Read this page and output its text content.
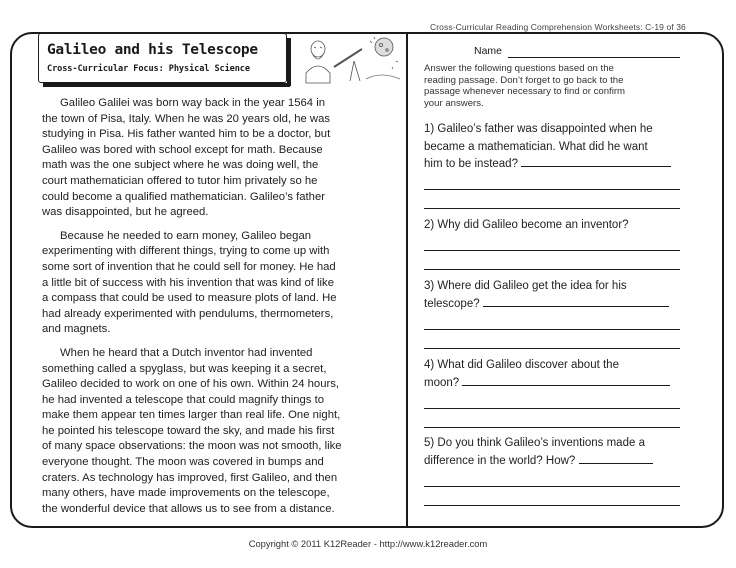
Cross-Curricular Reading Comprehension Worksheets: C-19 of 36
Galileo and his Telescope
Cross-Curricular Focus: Physical Science

Galileo Galilei was born way back in the year 1564 in
the town of Pisa, Italy. When he was 20 years old, he was
studying in Pisa. His father wanted him to be a doctor, but
Galileo was bored with school except for math. Because
math was the one subject where he was doing well, the
court mathematician offered to tutor him privately so he
could become a qualified mathematician. Galileo’s father
was disappointed, but he agreed.

Because he needed to earn money, Galileo began
experimenting with different things, trying to come up with
some sort of invention that he could sell for money. He had
a little bit of success with his invention that was kind of like
a compass that could be used to measure plots of land. He
had already experimented with pendulums, thermometers,
and magnets.

When he heard that a Dutch inventor had invented
something called a spyglass, but was keeping it a secret,
Galileo decided to work on one of his own. Within 24 hours,
he had invented a telescope that could magnify things to
make them appear ten times larger than real life. One night,
he pointed his telescope toward the sky, and made his first
of many space observations: the moon was not smooth, like
everyone thought. The moon was covered in bumps and
craters. As technology has improved, first Galileo, and then
many others, have made improvements on the telescope,
the wonderful device that allows us to see from a distance.

Name
Answer the following questions based on the
reading passage. Don’t forget to go back to the
passage whenever necessary to find or confirm
your answers.
1) Galileo’s father was disappointed when he
became a mathematician. What did he want
him to be instead?
2) Why did Galileo become an inventor?
3) Where did Galileo get the idea for his
telescope?
4) What did Galileo discover about the
moon?
5) Do you think Galileo’s inventions made a
difference in the world? How?
Copyright © 2011 K12Reader - http://www.k12reader.com
